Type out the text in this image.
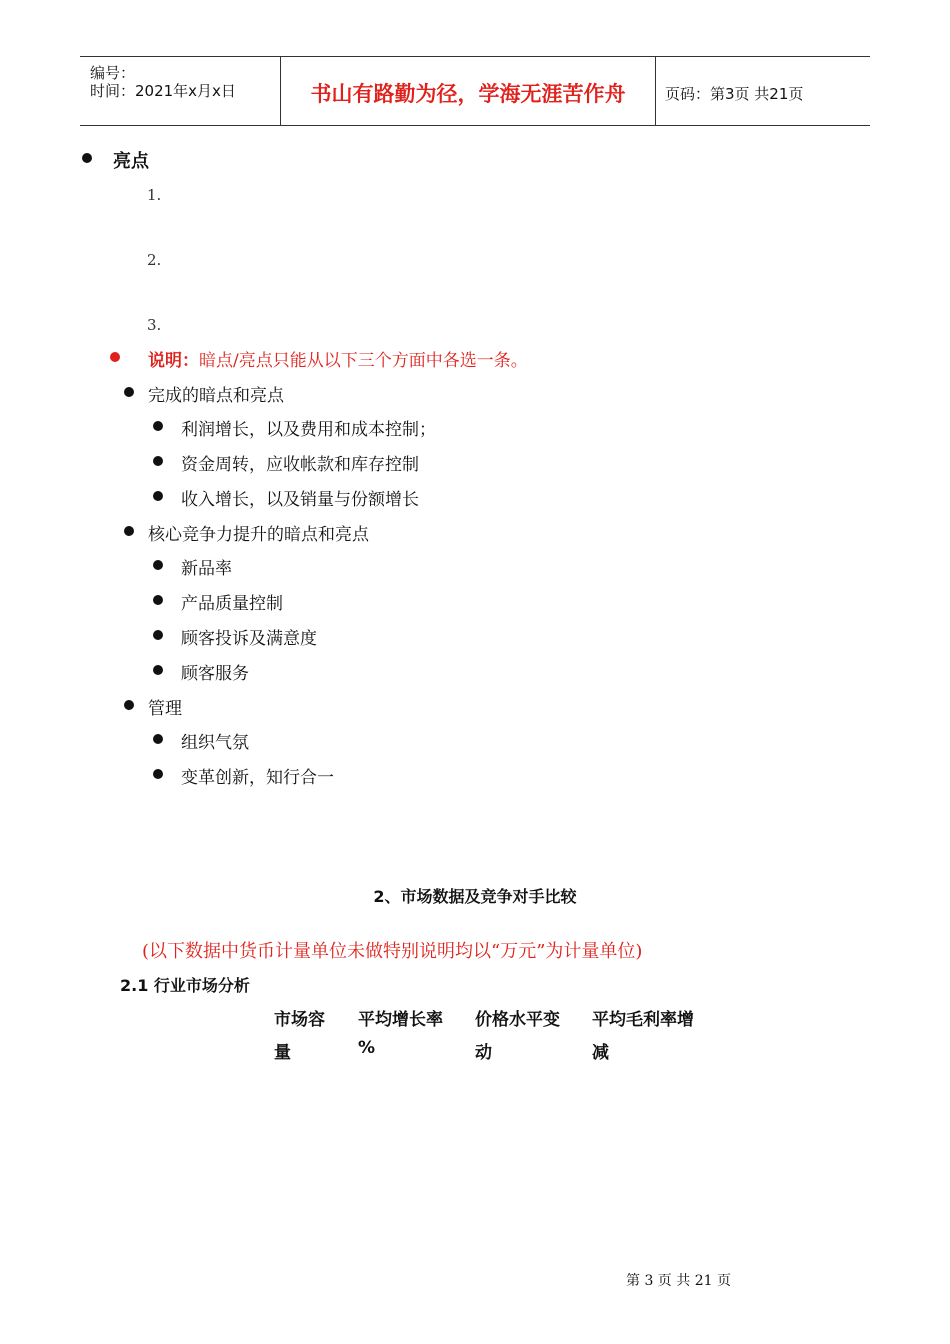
编号：
时间：2021年x月x日	书山有路勤为径，学海无涯苦作舟	页码：第3页 共21页
亮点
1.
2.
3.
说明：暗点/亮点只能从以下三个方面中各选一条。
完成的暗点和亮点
利润增长，以及费用和成本控制；
资金周转，应收帐款和库存控制
收入增长，以及销量与份额增长
核心竞争力提升的暗点和亮点
新品率
产品质量控制
顾客投诉及满意度
顾客服务
管理
组织气氛
变革创新，知行合一
2、市场数据及竞争对手比较
(以下数据中货币计量单位未做特别说明均以“万元”为计量单位)
2.1 行业市场分析
市场容
量
平均增长率
%
价格水平变
动
平均毛利率增
减
第 3 页 共 21 页
